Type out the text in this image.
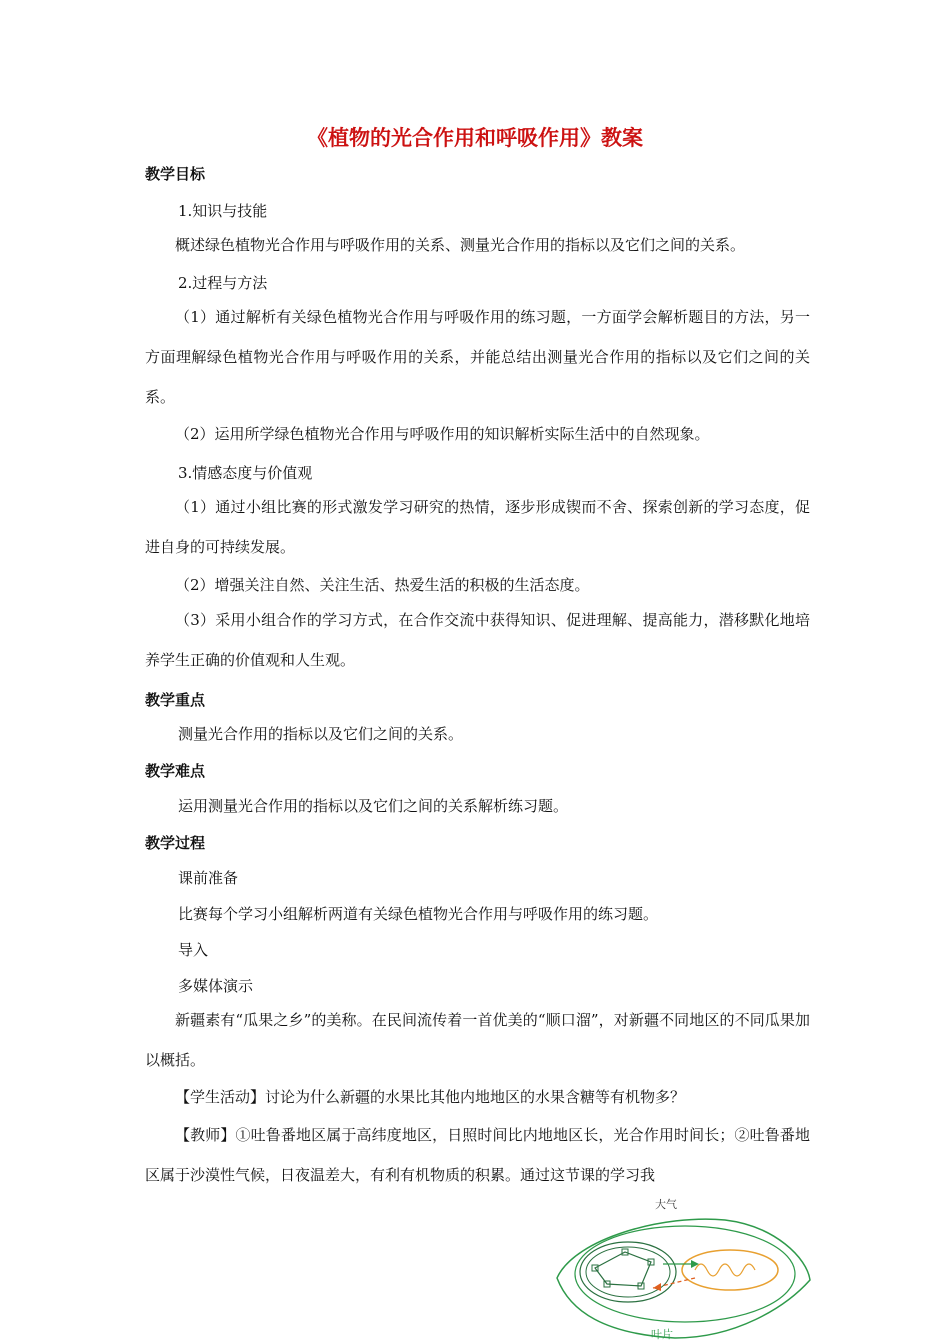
《植物的光合作用和呼吸作用》教案
教学目标
1.知识与技能
概述绿色植物光合作用与呼吸作用的关系、测量光合作用的指标以及它们之间的关系。
2.过程与方法
（1）通过解析有关绿色植物光合作用与呼吸作用的练习题，一方面学会解析题目的方法，另一方面理解绿色植物光合作用与呼吸作用的关系，并能总结出测量光合作用的指标以及它们之间的关系。
（2）运用所学绿色植物光合作用与呼吸作用的知识解析实际生活中的自然现象。
3.情感态度与价值观
（1）通过小组比赛的形式激发学习研究的热情，逐步形成锲而不舍、探索创新的学习态度，促进自身的可持续发展。
（2）增强关注自然、关注生活、热爱生活的积极的生活态度。
（3）采用小组合作的学习方式，在合作交流中获得知识、促进理解、提高能力，潜移默化地培养学生正确的价值观和人生观。
教学重点
测量光合作用的指标以及它们之间的关系。
教学难点
运用测量光合作用的指标以及它们之间的关系解析练习题。
教学过程
课前准备
比赛每个学习小组解析两道有关绿色植物光合作用与呼吸作用的练习题。
导入
多媒体演示
新疆素有“瓜果之乡”的美称。在民间流传着一首优美的“顺口溜”，对新疆不同地区的不同瓜果加以概括。
【学生活动】讨论为什么新疆的水果比其他内地地区的水果含糖等有机物多？
【教师】①吐鲁番地区属于高纬度地区，日照时间比内地地区长，光合作用时间长；②吐鲁番地区属于沙漠性气候，日夜温差大，有利有机物质的积累。通过这节课的学习我
大气
叶片
